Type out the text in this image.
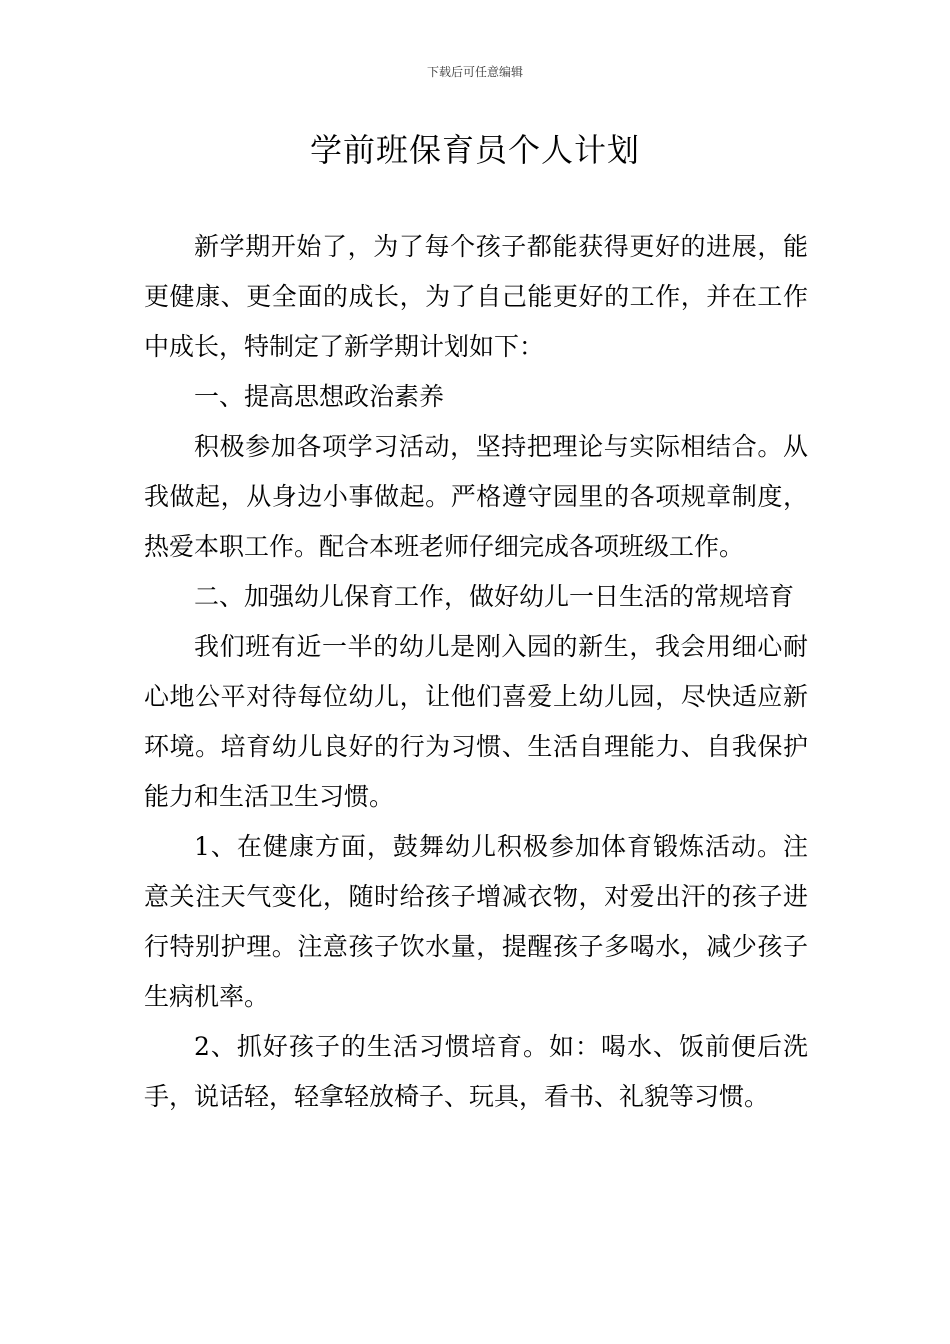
下载后可任意编辑
学前班保育员个人计划

新学期开始了，为了每个孩子都能获得更好的进展，能更健康、更全面的成长，为了自己能更好的工作，并在工作中成长，特制定了新学期计划如下：

一、提高思想政治素养

积极参加各项学习活动，坚持把理论与实际相结合。从我做起，从身边小事做起。严格遵守园里的各项规章制度，热爱本职工作。配合本班老师仔细完成各项班级工作。

二、加强幼儿保育工作，做好幼儿一日生活的常规培育

我们班有近一半的幼儿是刚入园的新生，我会用细心耐心地公平对待每位幼儿，让他们喜爱上幼儿园，尽快适应新环境。培育幼儿良好的行为习惯、生活自理能力、自我保护能力和生活卫生习惯。

1、在健康方面，鼓舞幼儿积极参加体育锻炼活动。注意关注天气变化，随时给孩子增减衣物，对爱出汗的孩子进行特别护理。注意孩子饮水量，提醒孩子多喝水，减少孩子生病机率。

2、抓好孩子的生活习惯培育。如：喝水、饭前便后洗手，说话轻，轻拿轻放椅子、玩具，看书、礼貌等习惯。
